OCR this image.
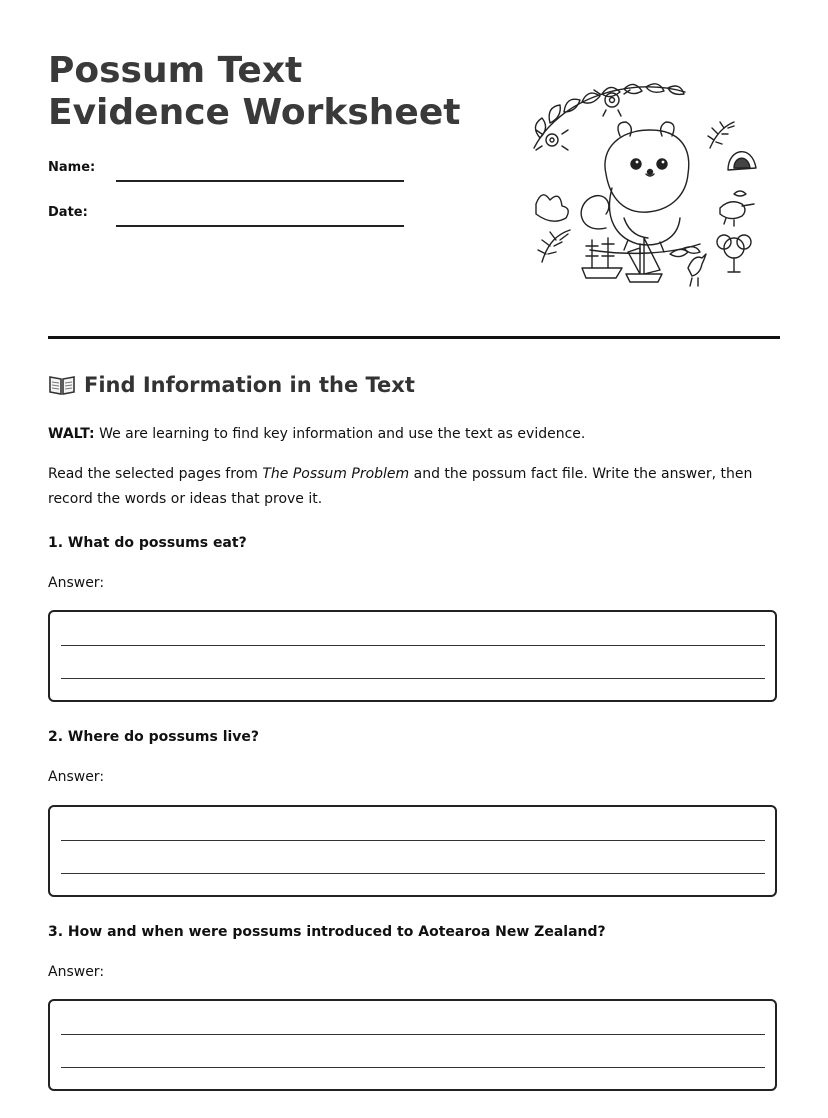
Possum Text Evidence Worksheet
Name:
Date:
Find Information in the Text

WALT: We are learning to find key information and use the text as evidence.

Read the selected pages from The Possum Problem and the possum fact file. Write the answer, then record the words or ideas that prove it.

1. What do possums eat?

Answer:

2. Where do possums live?

Answer:

3. How and when were possums introduced to Aotearoa New Zealand?

Answer:
